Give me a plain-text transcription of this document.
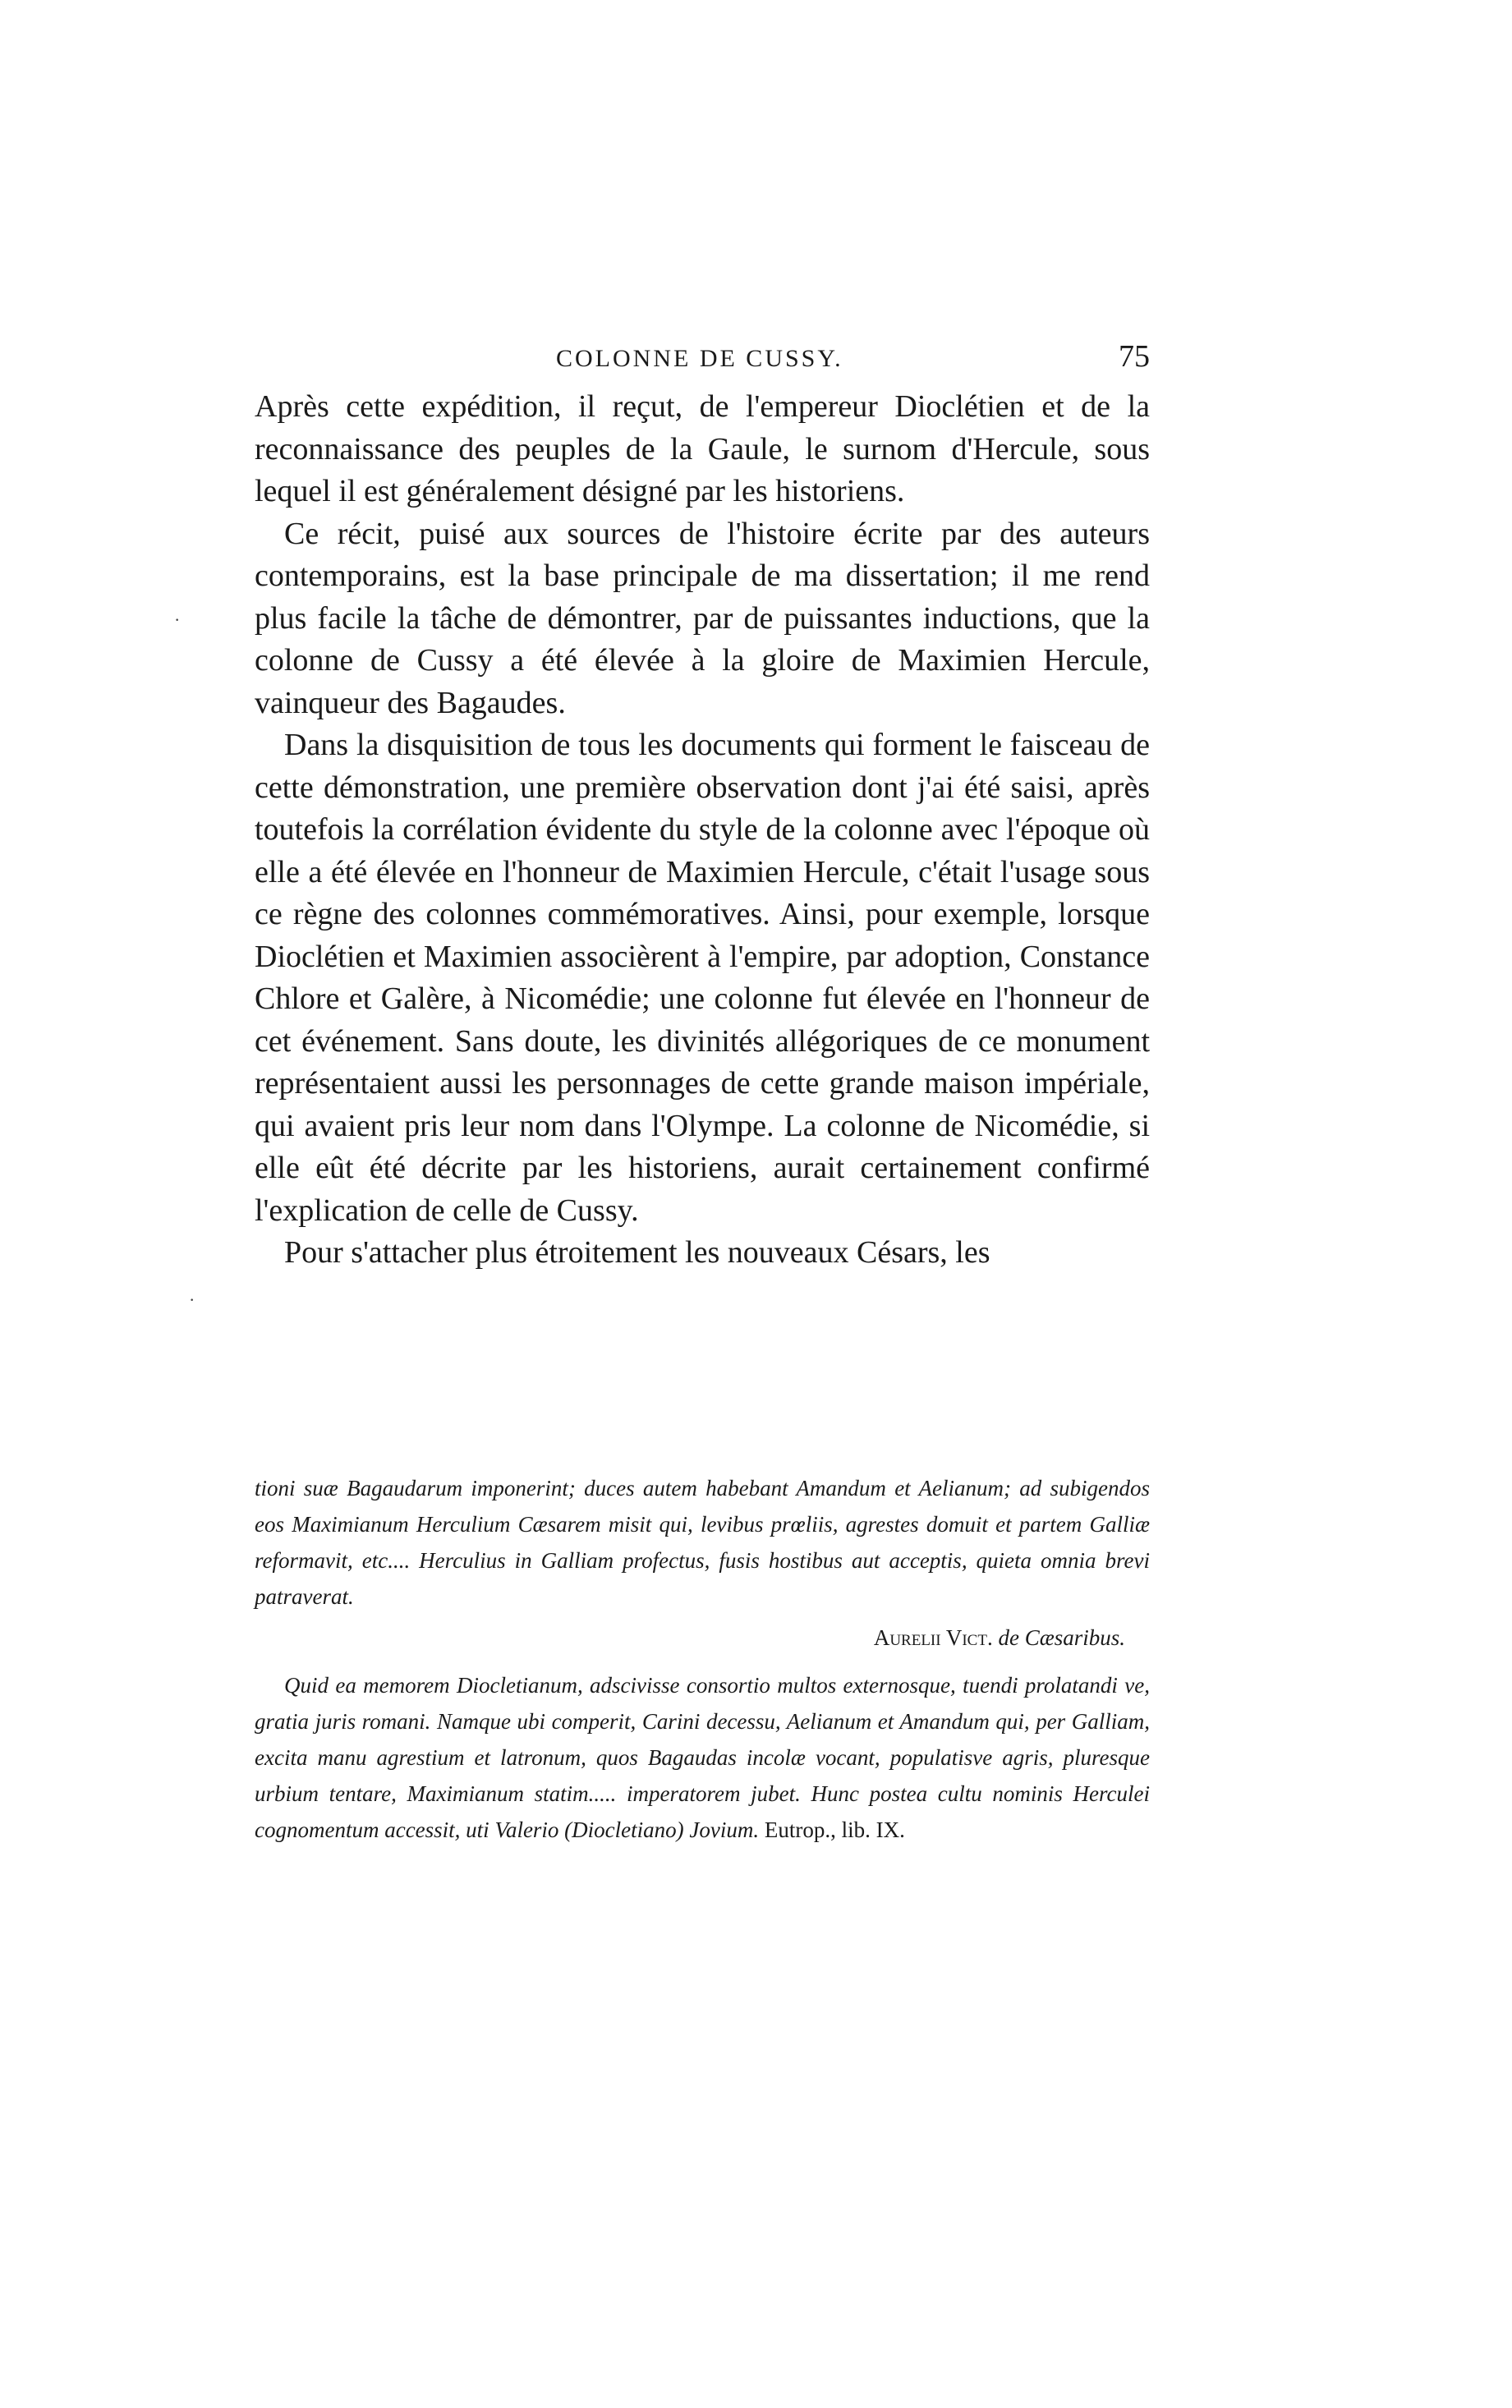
COLONNE DE CUSSY.	75

Après cette expédition, il reçut, de l'empereur Dioclétien et de la reconnaissance des peuples de la Gaule, le surnom d'Hercule, sous lequel il est généralement désigné par les historiens.

Ce récit, puisé aux sources de l'histoire écrite par des auteurs contemporains, est la base principale de ma dissertation; il me rend plus facile la tâche de démontrer, par de puissantes inductions, que la colonne de Cussy a été élevée à la gloire de Maximien Hercule, vainqueur des Bagaudes.

Dans la disquisition de tous les documents qui forment le faisceau de cette démonstration, une première observation dont j'ai été saisi, après toutefois la corrélation évidente du style de la colonne avec l'époque où elle a été élevée en l'honneur de Maximien Hercule, c'était l'usage sous ce règne des colonnes commémoratives. Ainsi, pour exemple, lorsque Dioclétien et Maximien associèrent à l'empire, par adoption, Constance Chlore et Galère, à Nicomédie; une colonne fut élevée en l'honneur de cet événement. Sans doute, les divinités allégoriques de ce monument représentaient aussi les personnages de cette grande maison impériale, qui avaient pris leur nom dans l'Olympe. La colonne de Nicomédie, si elle eût été décrite par les historiens, aurait certainement confirmé l'explication de celle de Cussy.

Pour s'attacher plus étroitement les nouveaux Césars, les

tioni suæ Bagaudarum imponerint; duces autem habebant Amandum et Aelianum; ad subigendos eos Maximianum Herculium Cæsarem misit qui, levibus prœliis, agrestes domuit et partem Galliæ reformavit, etc.... Herculius in Galliam profectus, fusis hostibus aut acceptis, quieta omnia brevi patraverat.

Aurelii Vict. de Cæsaribus.

Quid ea memorem Diocletianum, adscivisse consortio multos externosque, tuendi prolatandi ve, gratia juris romani. Namque ubi comperit, Carini decessu, Aelianum et Amandum qui, per Galliam, excita manu agrestium et latronum, quos Bagaudas incolæ vocant, populatisve agris, pluresque urbium tentare, Maximianum statim..... imperatorem jubet. Hunc postea cultu nominis Herculei cognomentum accessit, uti Valerio (Diocletiano) Jovium. Eutrop., lib. IX.

·
·
